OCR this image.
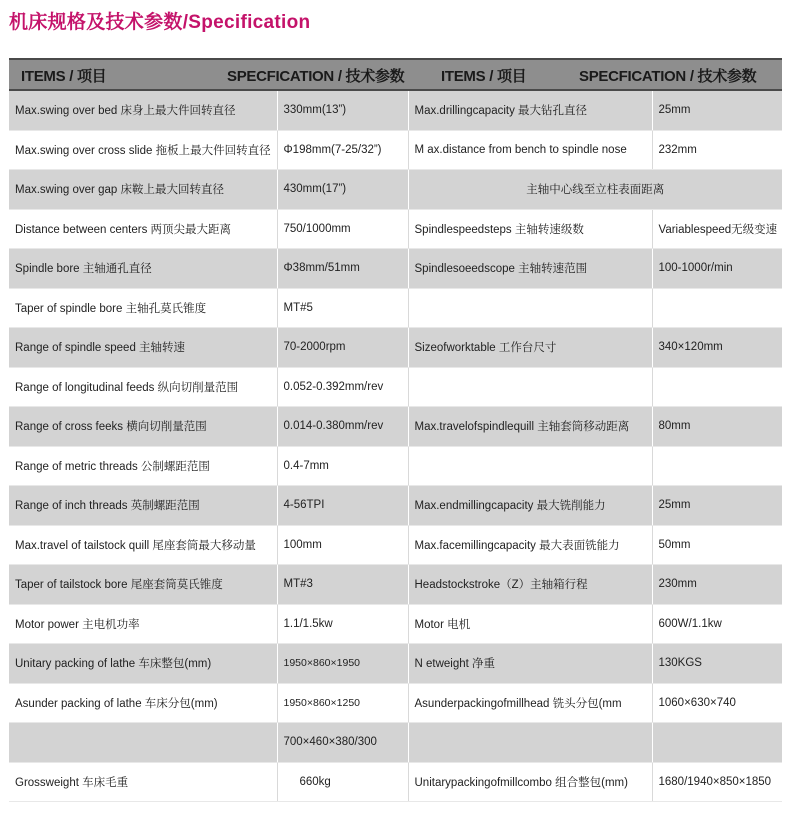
机床规格及技术参数/Specification
ITEMS / 项目	SPECFICATION / 技术参数 ITEMS / 项目	SPECFICATION / 技术参数
Max.swing over bed 床身上最大件回转直径	330mm(13”)	Max.drillingcapacity 最大钻孔直径	25mm
Max.swing over cross slide 拖板上最大件回转直径	Φ198mm(7-25/32”)	M ax.distance from bench to spindle nose	232mm
Max.swing over gap 床鞍上最大回转直径	430mm(17”)	主轴中心线至立柱表面距离	
Distance between centers 两顶尖最大距离	750/1000mm	Spindlespeedsteps 主轴转速级数	Variablespeed无级变速
Spindle bore 主轴通孔直径	Φ38mm/51mm	Spindlesoeedscope 主轴转速范围	100-1000r/min
Taper of spindle bore 主轴孔莫氏锥度	MT#5		
Range of spindle speed 主轴转速	70-2000rpm	Sizeofworktable 工作台尺寸	340×120mm
Range of longitudinal feeds 纵向切削量范围	0.052-0.392mm/rev		
Range of cross feeks 横向切削量范围	0.014-0.380mm/rev	Max.travelofspindlequill 主轴套筒移动距离	80mm
Range of metric threads 公制螺距范围	0.4-7mm		
Range of inch threads 英制螺距范围	4-56TPI	Max.endmillingcapacity 最大铣削能力	25mm
Max.travel of tailstock quill 尾座套筒最大移动量	100mm	Max.facemillingcapacity 最大表面铣能力	50mm
Taper of tailstock bore 尾座套筒莫氏锥度	MT#3	Headstockstroke（Z）主轴箱行程	230mm
Motor power 主电机功率	1.1/1.5kw	Motor 电机	600W/1.1kw
Unitary packing of lathe 车床整包(mm)	1950×860×1950	N etweight 净重	130KGS
Asunder packing of lathe 车床分包(mm)	1950×860×1250	Asunderpackingofmillhead 铣头分包(mm	1060×630×740
	700×460×380/300		
Grossweight 车床毛重	660kg	Unitarypackingofmillcombo 组合整包(mm)	1680/1940×850×1850
